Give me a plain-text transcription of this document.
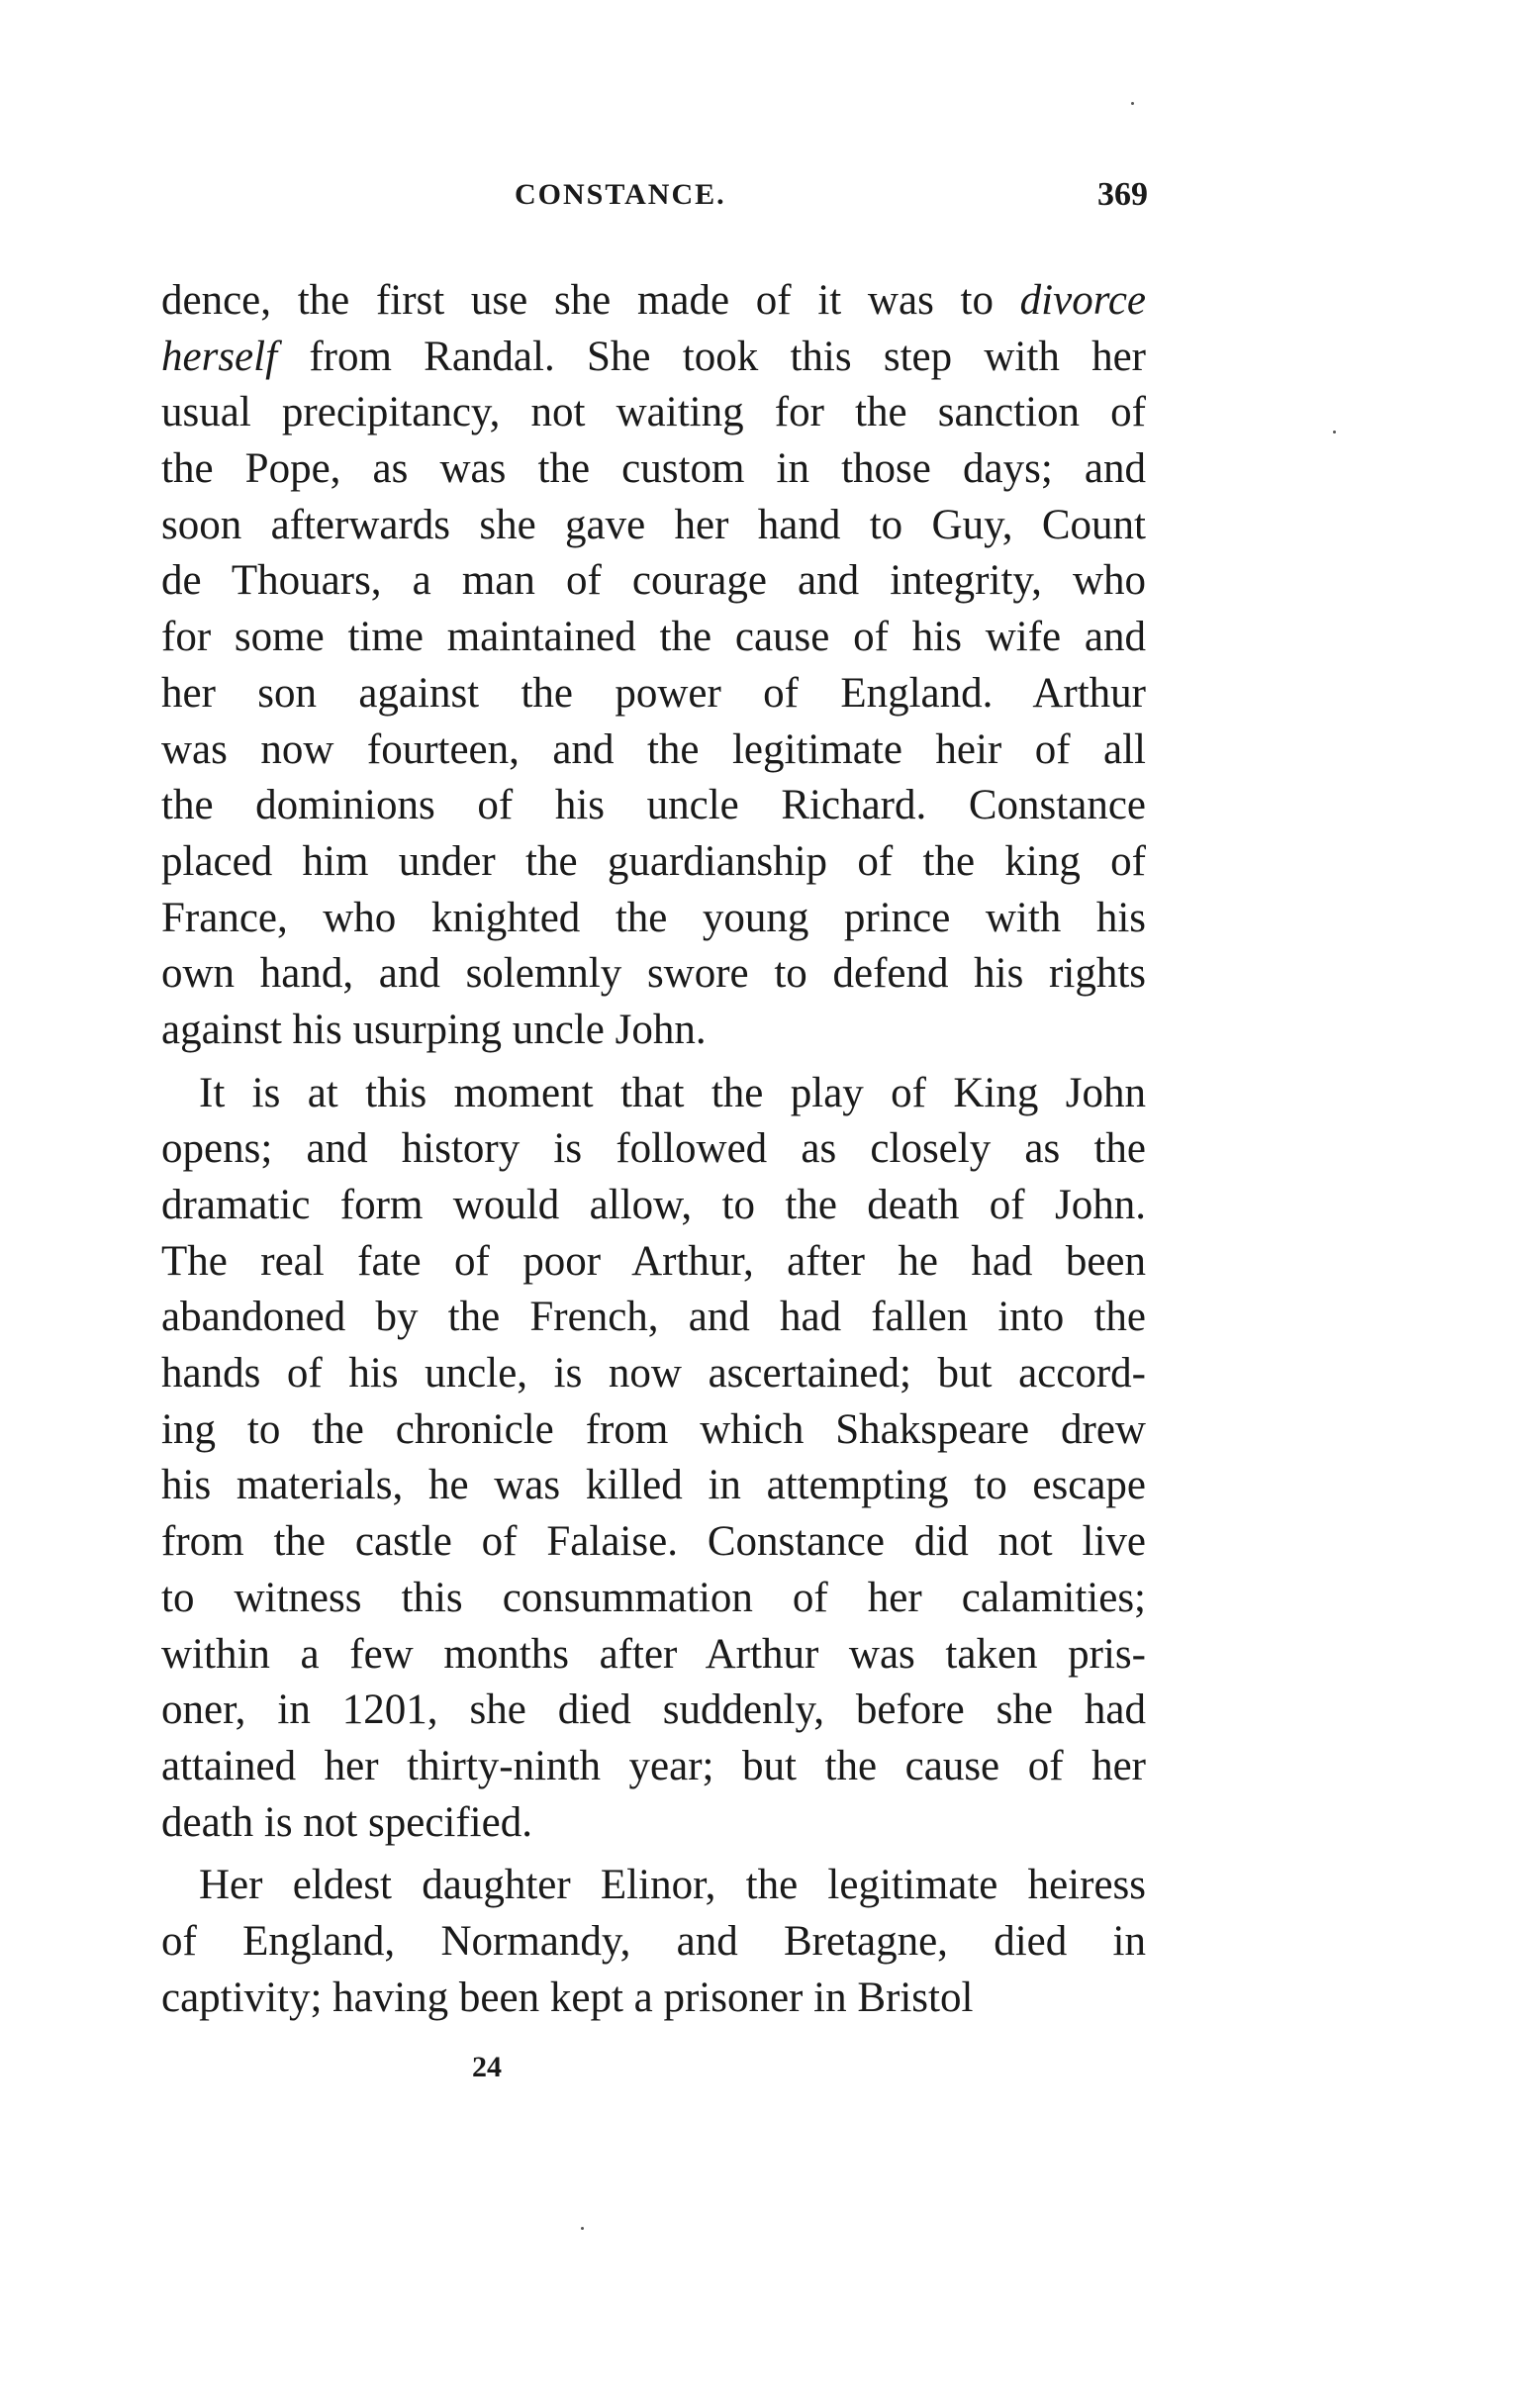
CONSTANCE.	369
dence, the first use she made of it was to divorce
herself from Randal. She took this step with her
usual precipitancy, not waiting for the sanction of
the Pope, as was the custom in those days; and
soon afterwards she gave her hand to Guy, Count
de Thouars, a man of courage and integrity, who
for some time maintained the cause of his wife and
her son against the power of England. Arthur
was now fourteen, and the legitimate heir of all
the dominions of his uncle Richard. Constance
placed him under the guardianship of the king of
France, who knighted the young prince with his
own hand, and solemnly swore to defend his rights
against his usurping uncle John.
It is at this moment that the play of King John
opens; and history is followed as closely as the
dramatic form would allow, to the death of John.
The real fate of poor Arthur, after he had been
abandoned by the French, and had fallen into the
hands of his uncle, is now ascertained; but accord-
ing to the chronicle from which Shakspeare drew
his materials, he was killed in attempting to escape
from the castle of Falaise. Constance did not live
to witness this consummation of her calamities;
within a few months after Arthur was taken pris-
oner, in 1201, she died suddenly, before she had
attained her thirty-ninth year; but the cause of her
death is not specified.
Her eldest daughter Elinor, the legitimate heiress
of England, Normandy, and Bretagne, died in
captivity; having been kept a prisoner in Bristol
24
